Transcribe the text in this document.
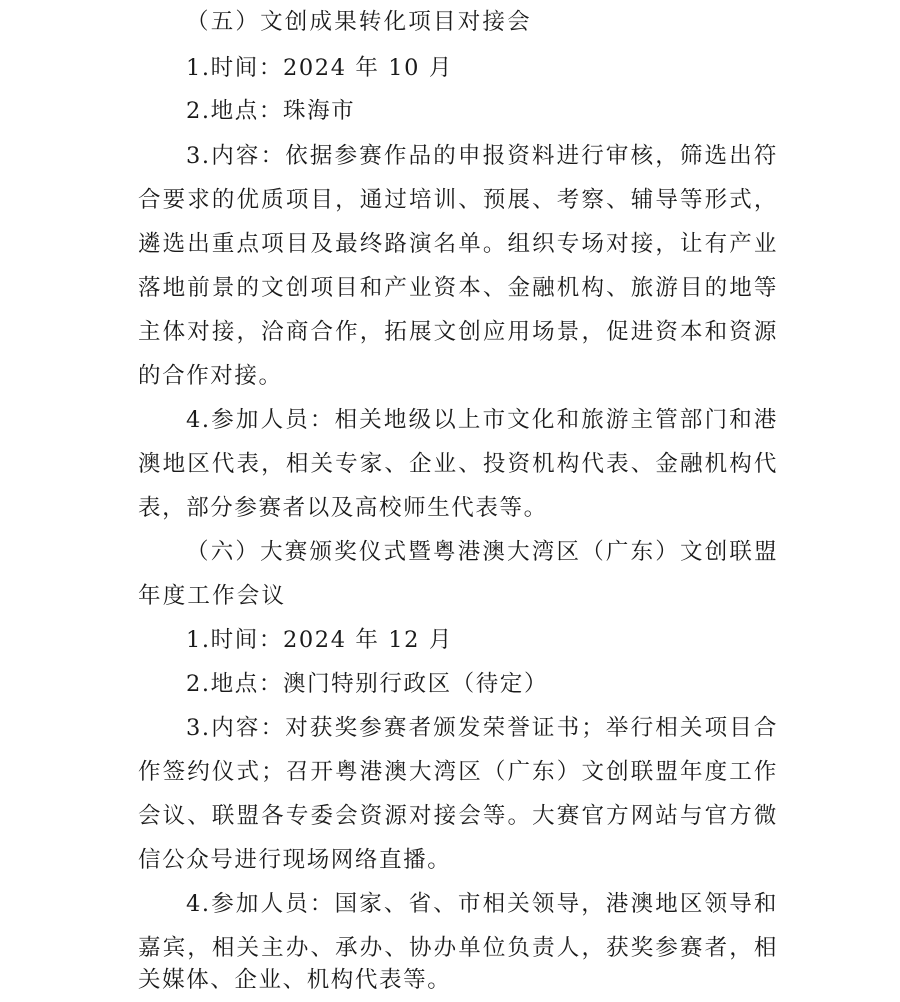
（五）文创成果转化项目对接会
1.时间：2024 年 10 月
2.地点：珠海市
3.内容：依据参赛作品的申报资料进行审核，筛选出符
合要求的优质项目，通过培训、预展、考察、辅导等形式，
遴选出重点项目及最终路演名单。组织专场对接，让有产业
落地前景的文创项目和产业资本、金融机构、旅游目的地等
主体对接，洽商合作，拓展文创应用场景，促进资本和资源
的合作对接。
4.参加人员：相关地级以上市文化和旅游主管部门和港
澳地区代表，相关专家、企业、投资机构代表、金融机构代
表，部分参赛者以及高校师生代表等。
（六）大赛颁奖仪式暨粤港澳大湾区（广东）文创联盟
年度工作会议
1.时间：2024 年 12 月
2.地点：澳门特别行政区（待定）
3.内容：对获奖参赛者颁发荣誉证书；举行相关项目合
作签约仪式；召开粤港澳大湾区（广东）文创联盟年度工作
会议、联盟各专委会资源对接会等。大赛官方网站与官方微
信公众号进行现场网络直播。
4.参加人员：国家、省、市相关领导，港澳地区领导和
嘉宾，相关主办、承办、协办单位负责人，获奖参赛者，相
关媒体、企业、机构代表等。
